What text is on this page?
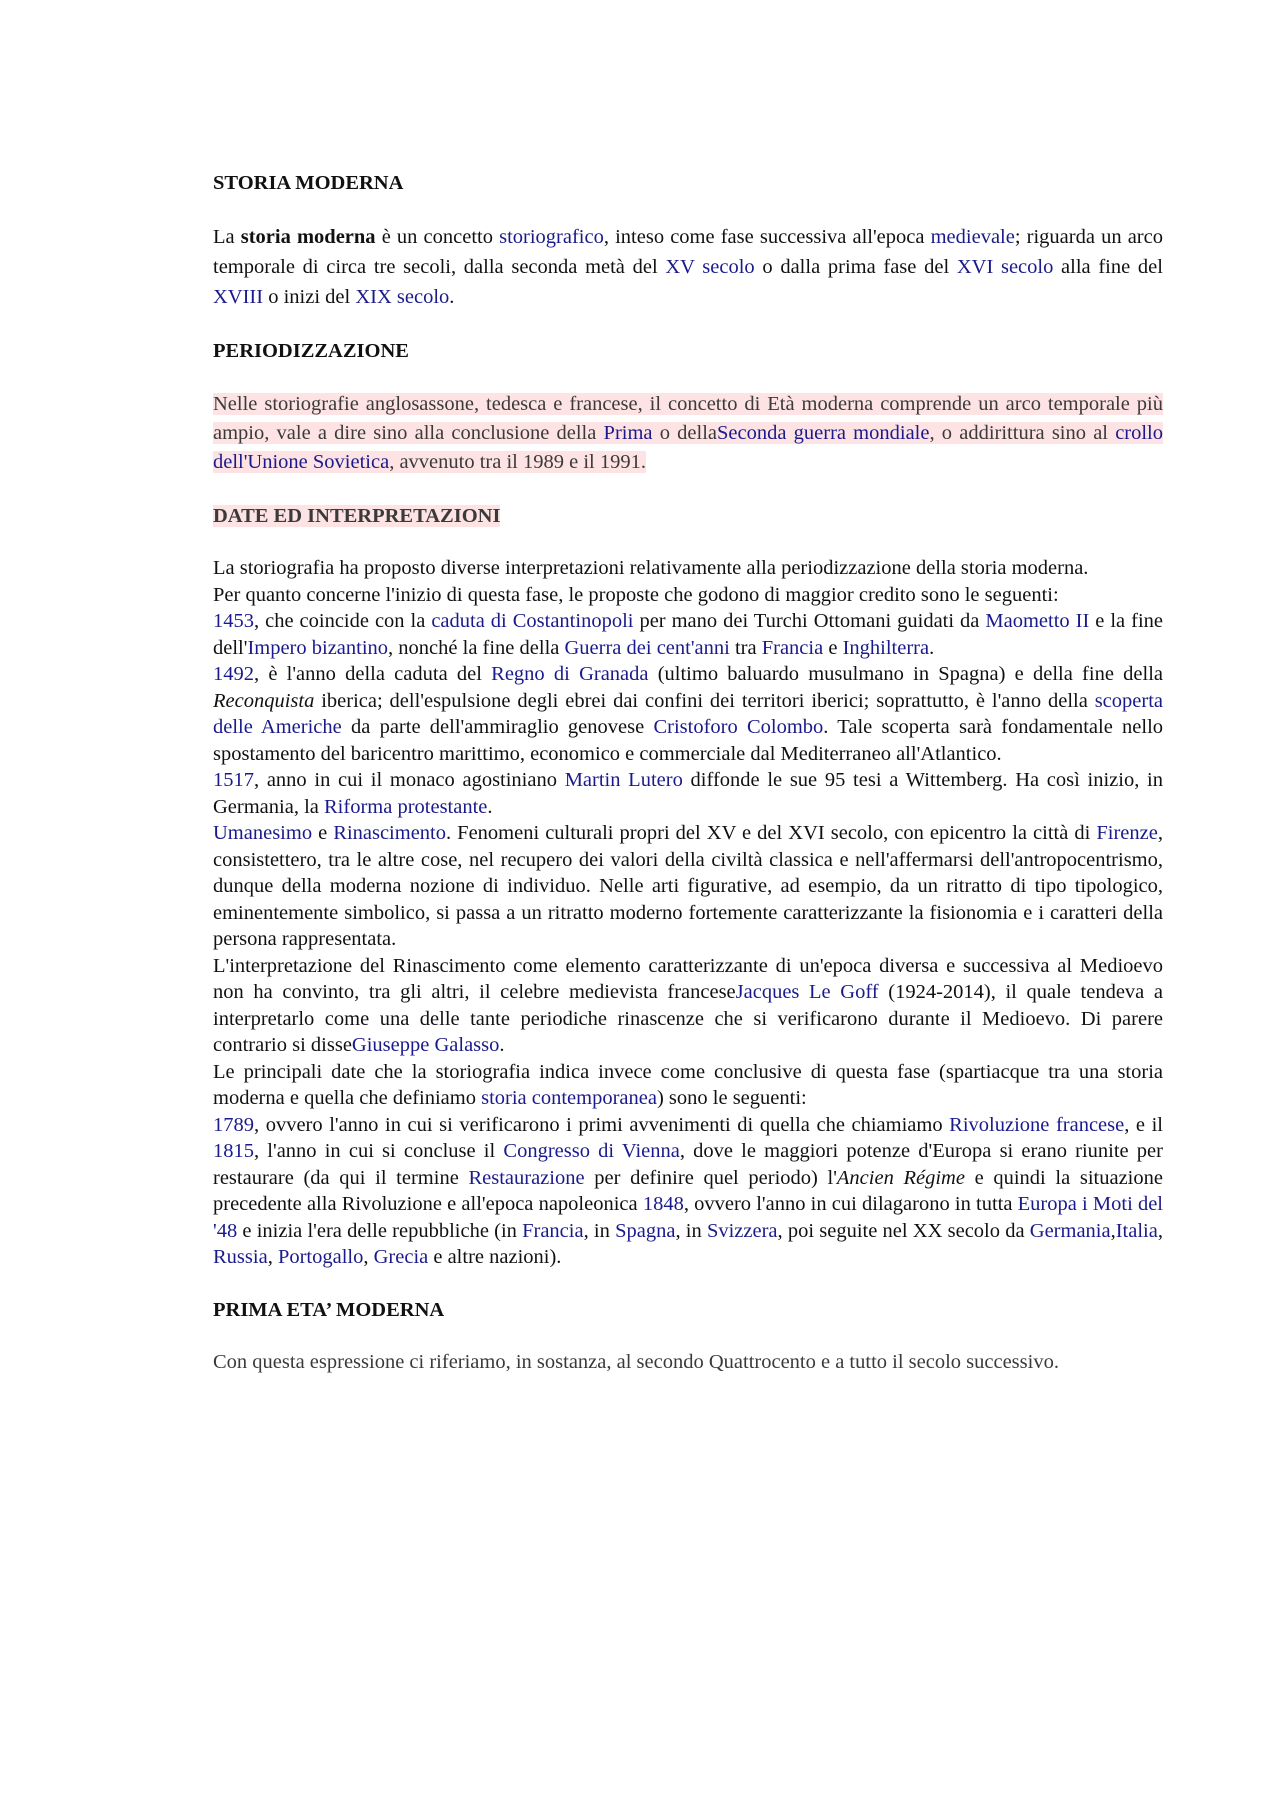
STORIA MODERNA

La storia moderna è un concetto storiografico, inteso come fase successiva all'epoca medievale; riguarda un arco temporale di circa tre secoli, dalla seconda metà del XV secolo o dalla prima fase del XVI secolo alla fine del XVIII o inizi del XIX secolo.

PERIODIZZAZIONE

Nelle storiografie anglosassone, tedesca e francese, il concetto di Età moderna comprende un arco temporale più ampio, vale a dire sino alla conclusione della Prima o dellaSeconda guerra mondiale, o addirittura sino al crollo dell'Unione Sovietica, avvenuto tra il 1989 e il 1991.

DATE ED INTERPRETAZIONI

La storiografia ha proposto diverse interpretazioni relativamente alla periodizzazione della storia moderna.

Per quanto concerne l'inizio di questa fase, le proposte che godono di maggior credito sono le seguenti:

1453, che coincide con la caduta di Costantinopoli per mano dei Turchi Ottomani guidati da Maometto II e la fine dell'Impero bizantino, nonché la fine della Guerra dei cent'anni tra Francia e Inghilterra.

1492, è l'anno della caduta del Regno di Granada (ultimo baluardo musulmano in Spagna) e della fine della Reconquista iberica; dell'espulsione degli ebrei dai confini dei territori iberici; soprattutto, è l'anno della scoperta delle Americhe da parte dell'ammiraglio genovese Cristoforo Colombo. Tale scoperta sarà fondamentale nello spostamento del baricentro marittimo, economico e commerciale dal Mediterraneo all'Atlantico.

1517, anno in cui il monaco agostiniano Martin Lutero diffonde le sue 95 tesi a Wittemberg. Ha così inizio, in Germania, la Riforma protestante.

Umanesimo e Rinascimento. Fenomeni culturali propri del XV e del XVI secolo, con epicentro la città di Firenze, consistettero, tra le altre cose, nel recupero dei valori della civiltà classica e nell'affermarsi dell'antropocentrismo, dunque della moderna nozione di individuo. Nelle arti figurative, ad esempio, da un ritratto di tipo tipologico, eminentemente simbolico, si passa a un ritratto moderno fortemente caratterizzante la fisionomia e i caratteri della persona rappresentata.

L'interpretazione del Rinascimento come elemento caratterizzante di un'epoca diversa e successiva al Medioevo non ha convinto, tra gli altri, il celebre medievista franceseJacques Le Goff (1924-2014), il quale tendeva a interpretarlo come una delle tante periodiche rinascenze che si verificarono durante il Medioevo. Di parere contrario si disseGiuseppe Galasso.

Le principali date che la storiografia indica invece come conclusive di questa fase (spartiacque tra una storia moderna e quella che definiamo storia contemporanea) sono le seguenti:

1789, ovvero l'anno in cui si verificarono i primi avvenimenti di quella che chiamiamo Rivoluzione francese, e il 1815, l'anno in cui si concluse il Congresso di Vienna, dove le maggiori potenze d'Europa si erano riunite per restaurare (da qui il termine Restaurazione per definire quel periodo) l'Ancien Régime e quindi la situazione precedente alla Rivoluzione e all'epoca napoleonica 1848, ovvero l'anno in cui dilagarono in tutta Europa i Moti del '48 e inizia l'era delle repubbliche (in Francia, in Spagna, in Svizzera, poi seguite nel XX secolo da Germania,Italia, Russia, Portogallo, Grecia e altre nazioni).

PRIMA ETA’ MODERNA

Con questa espressione ci riferiamo, in sostanza, al secondo Quattrocento e a tutto il secolo successivo.
